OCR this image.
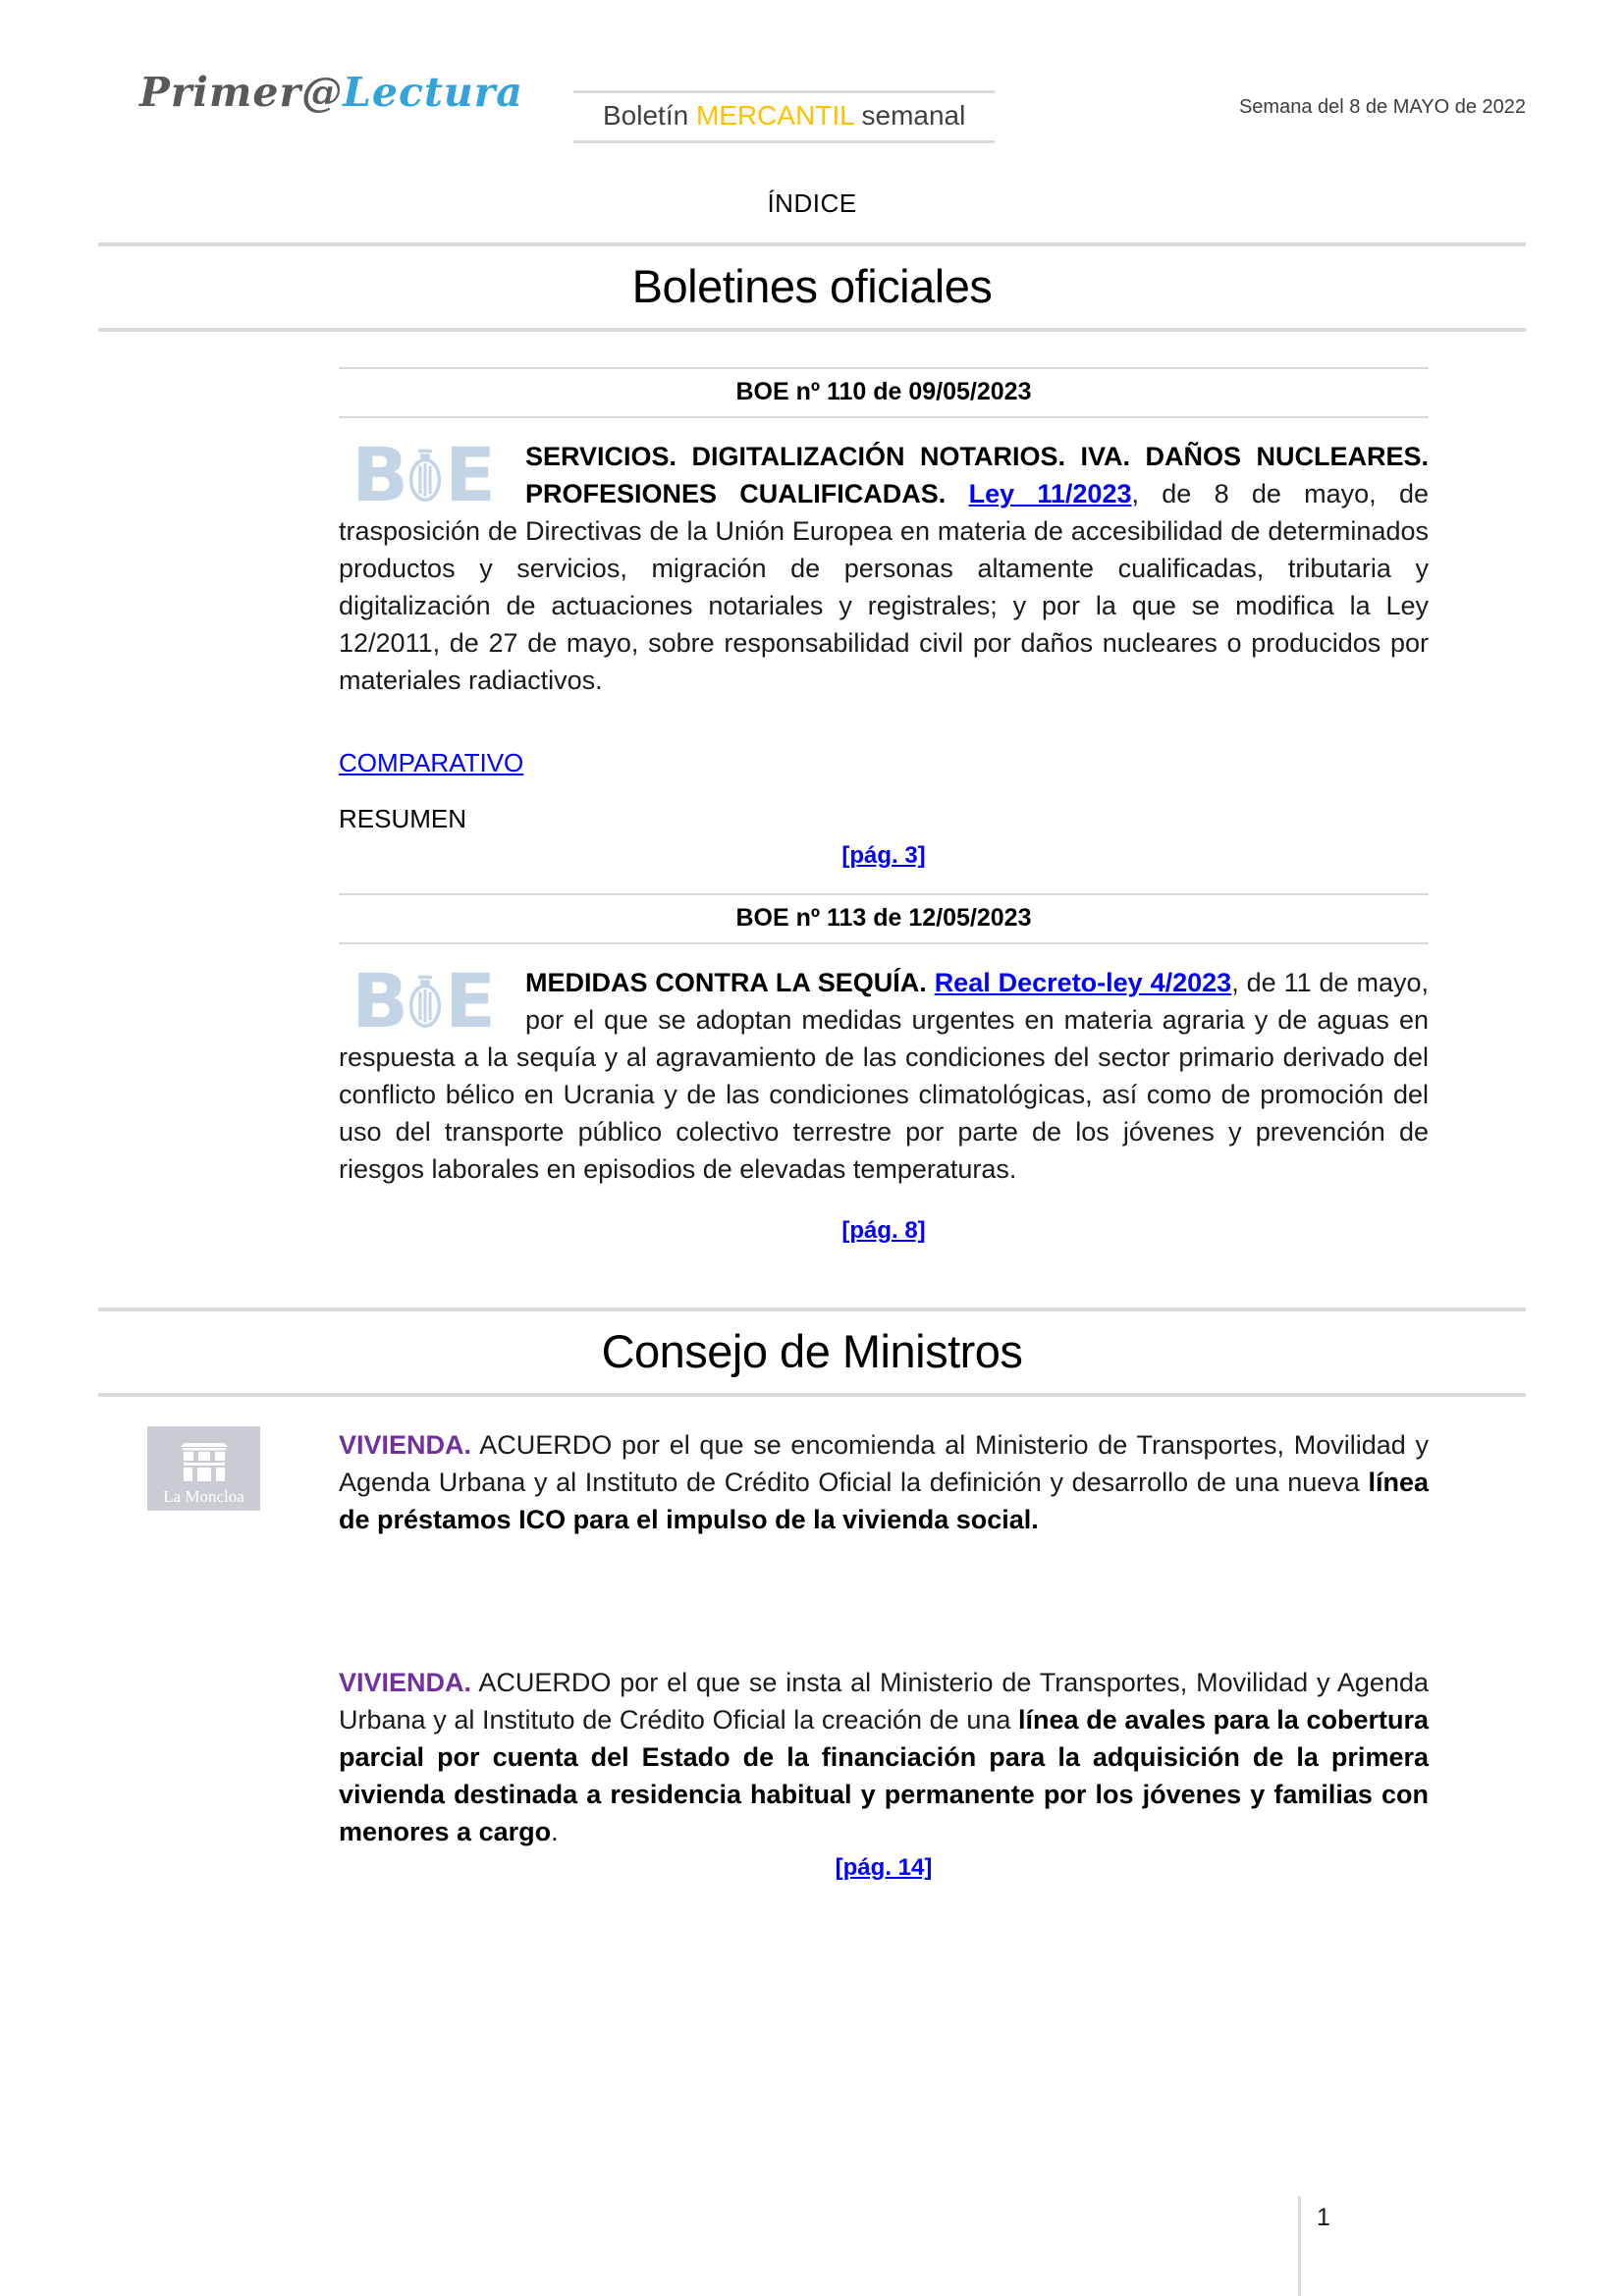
Primer@Lectura	Boletín MERCANTIL semanal	Semana del 8 de MAYO de 2022
ÍNDICE
Boletines oficiales
BOE nº 110 de 09/05/2023

B E SERVICIOS. DIGITALIZACIÓN NOTARIOS. IVA. DAÑOS NUCLEARES. PROFESIONES CUALIFICADAS. Ley 11/2023, de 8 de mayo, de trasposición de Directivas de la Unión Europea en materia de accesibilidad de determinados productos y servicios, migración de personas altamente cualificadas, tributaria y digitalización de actuaciones notariales y registrales; y por la que se modifica la Ley 12/2011, de 27 de mayo, sobre responsabilidad civil por daños nucleares o producidos por materiales radiactivos.

COMPARATIVO

RESUMEN

[pág. 3]

BOE nº 113 de 12/05/2023

B E MEDIDAS CONTRA LA SEQUÍA. Real Decreto-ley 4/2023, de 11 de mayo, por el que se adoptan medidas urgentes en materia agraria y de aguas en respuesta a la sequía y al agravamiento de las condiciones del sector primario derivado del conflicto bélico en Ucrania y de las condiciones climatológicas, así como de promoción del uso del transporte público colectivo terrestre por parte de los jóvenes y prevención de riesgos laborales en episodios de elevadas temperaturas.

[pág. 8]

Consejo de Ministros
La Moncloa

VIVIENDA. ACUERDO por el que se encomienda al Ministerio de Transportes, Movilidad y Agenda Urbana y al Instituto de Crédito Oficial la definición y desarrollo de una nueva línea de préstamos ICO para el impulso de la vivienda social.

VIVIENDA. ACUERDO por el que se insta al Ministerio de Transportes, Movilidad y Agenda Urbana y al Instituto de Crédito Oficial la creación de una línea de avales para la cobertura parcial por cuenta del Estado de la financiación para la adquisición de la primera vivienda destinada a residencia habitual y permanente por los jóvenes y familias con menores a cargo.

[pág. 14]

1
